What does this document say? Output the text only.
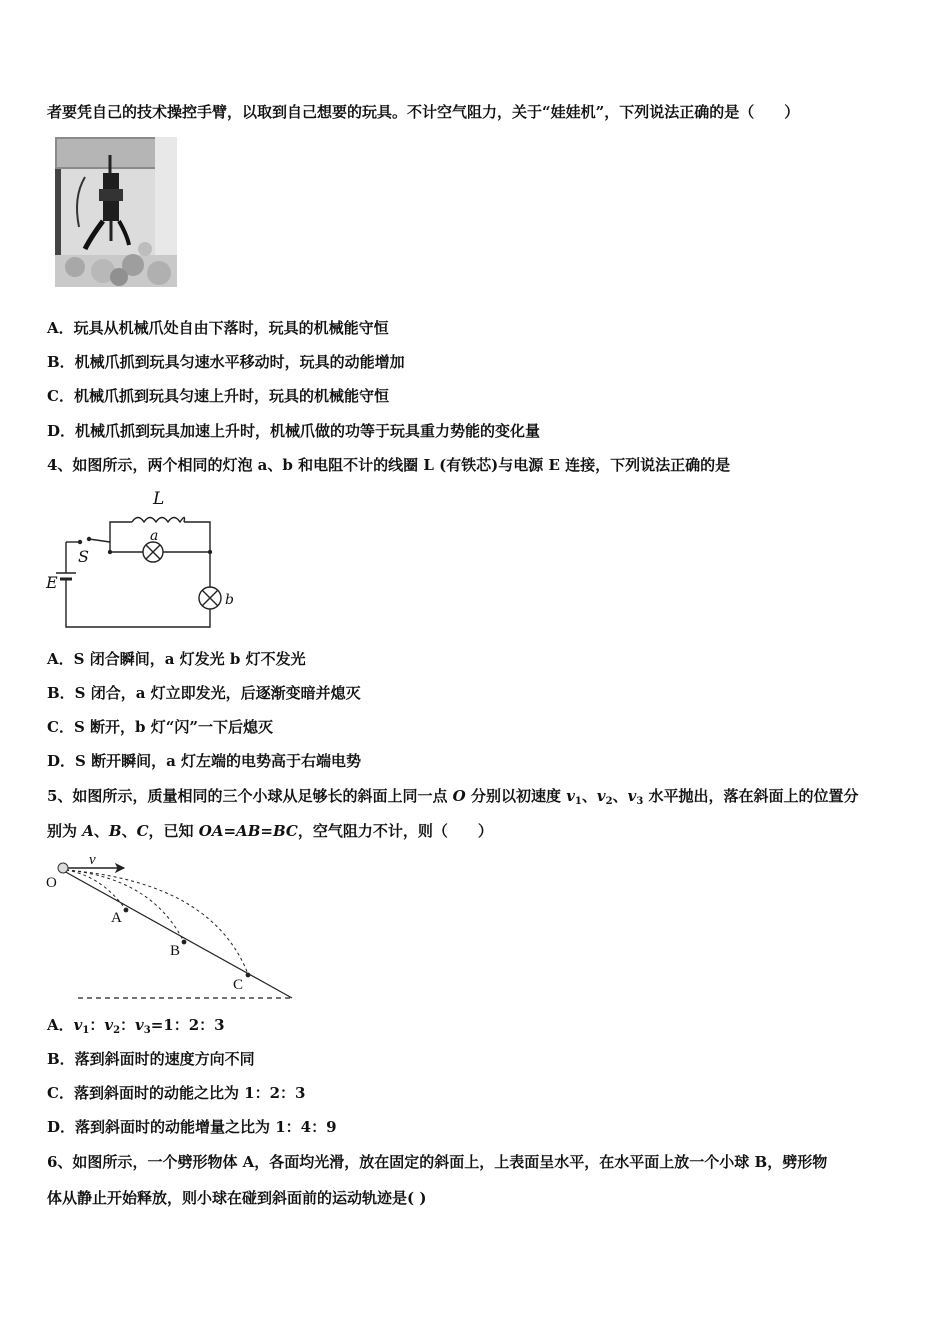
者要凭自己的技术操控手臂，以取到自己想要的玩具。不计空气阻力，关于“娃娃机”，下列说法正确的是（　　）
A．玩具从机械爪处自由下落时，玩具的机械能守恒
B．机械爪抓到玩具匀速水平移动时，玩具的动能增加
C．机械爪抓到玩具匀速上升时，玩具的机械能守恒
D．机械爪抓到玩具加速上升时，机械爪做的功等于玩具重力势能的变化量
4、如图所示，两个相同的灯泡 a、b 和电阻不计的线圈 L (有铁芯)与电源 E 连接，下列说法正确的是
L
a
S
E
b
A．S 闭合瞬间，a 灯发光 b 灯不发光
B．S 闭合，a 灯立即发光，后逐渐变暗并熄灭
C．S 断开，b 灯“闪”一下后熄灭
D．S 断开瞬间，a 灯左端的电势高于右端电势
5、如图所示，质量相同的三个小球从足够长的斜面上同一点 O 分别以初速度 $v_1$、$v_2$、$v_3$ 水平抛出，落在斜面上的位置分
别为 A、B、C，已知 OA=AB=BC，空气阻力不计，则（　　）
v
O
A
B
C
A．$v_1$：$v_2$：$v_3=1$：2：3
B．落到斜面时的速度方向不同
C．落到斜面时的动能之比为 1：2：3
D．落到斜面时的动能增量之比为 1：4：9
6、如图所示，一个劈形物体 A，各面均光滑，放在固定的斜面上，上表面呈水平，在水平面上放一个小球 B，劈形物
体从静止开始释放，则小球在碰到斜面前的运动轨迹是( )
